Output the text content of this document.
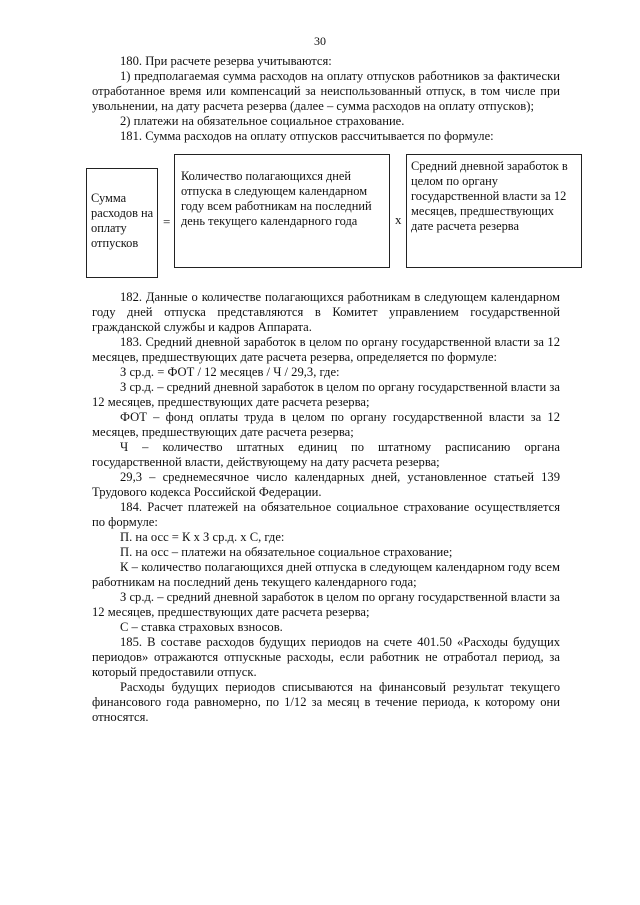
30

180. При расчете резерва учитываются:

1) предполагаемая сумма расходов на оплату отпусков работников за фактически отработанное время или компенсаций за неиспользованный отпуск, в том числе при увольнении, на дату расчета резерва (далее – сумма расходов на оплату отпусков);

2) платежи на обязательное социальное страхование.

181. Сумма расходов на оплату отпусков рассчитывается по формуле:

Сумма расходов на оплату отпусков
=
Количество полагающихся дней отпуска в следующем календарном году всем работникам на последний день текущего календарного года	x
Средний дневной заработок в целом по органу государственной власти за 12 месяцев, предшествующих дате расчета резерва

182. Данные о количестве полагающихся работникам в следующем календарном году дней отпуска представляются в Комитет управлением государственной гражданской службы и кадров Аппарата.

183. Средний дневной заработок в целом по органу государственной власти за 12 месяцев, предшествующих дате расчета резерва, определяется по формуле:

З ср.д. = ФОТ / 12 месяцев / Ч / 29,3, где:

З ср.д. – средний дневной заработок в целом по органу государственной власти за 12 месяцев, предшествующих дате расчета резерва;

ФОТ – фонд оплаты труда в целом по органу государственной власти за 12 месяцев, предшествующих дате расчета резерва;

Ч – количество штатных единиц по штатному расписанию органа государственной власти, действующему на дату расчета резерва;

29,3 – среднемесячное число календарных дней, установленное статьей 139 Трудового кодекса Российской Федерации.

184. Расчет платежей на обязательное социальное страхование осуществляется по формуле:

П. на осс = К x З ср.д. x С, где:

П. на осс – платежи на обязательное социальное страхование;

К – количество полагающихся дней отпуска в следующем календарном году всем работникам на последний день текущего календарного года;

З ср.д. – средний дневной заработок в целом по органу государственной власти за 12 месяцев, предшествующих дате расчета резерва;

С – ставка страховых взносов.

185. В составе расходов будущих периодов на счете 401.50 «Расходы будущих периодов» отражаются отпускные расходы, если работник не отработал период, за который предоставили отпуск.

Расходы будущих периодов списываются на финансовый результат текущего финансового года равномерно, по 1/12 за месяц в течение периода, к которому они относятся.
